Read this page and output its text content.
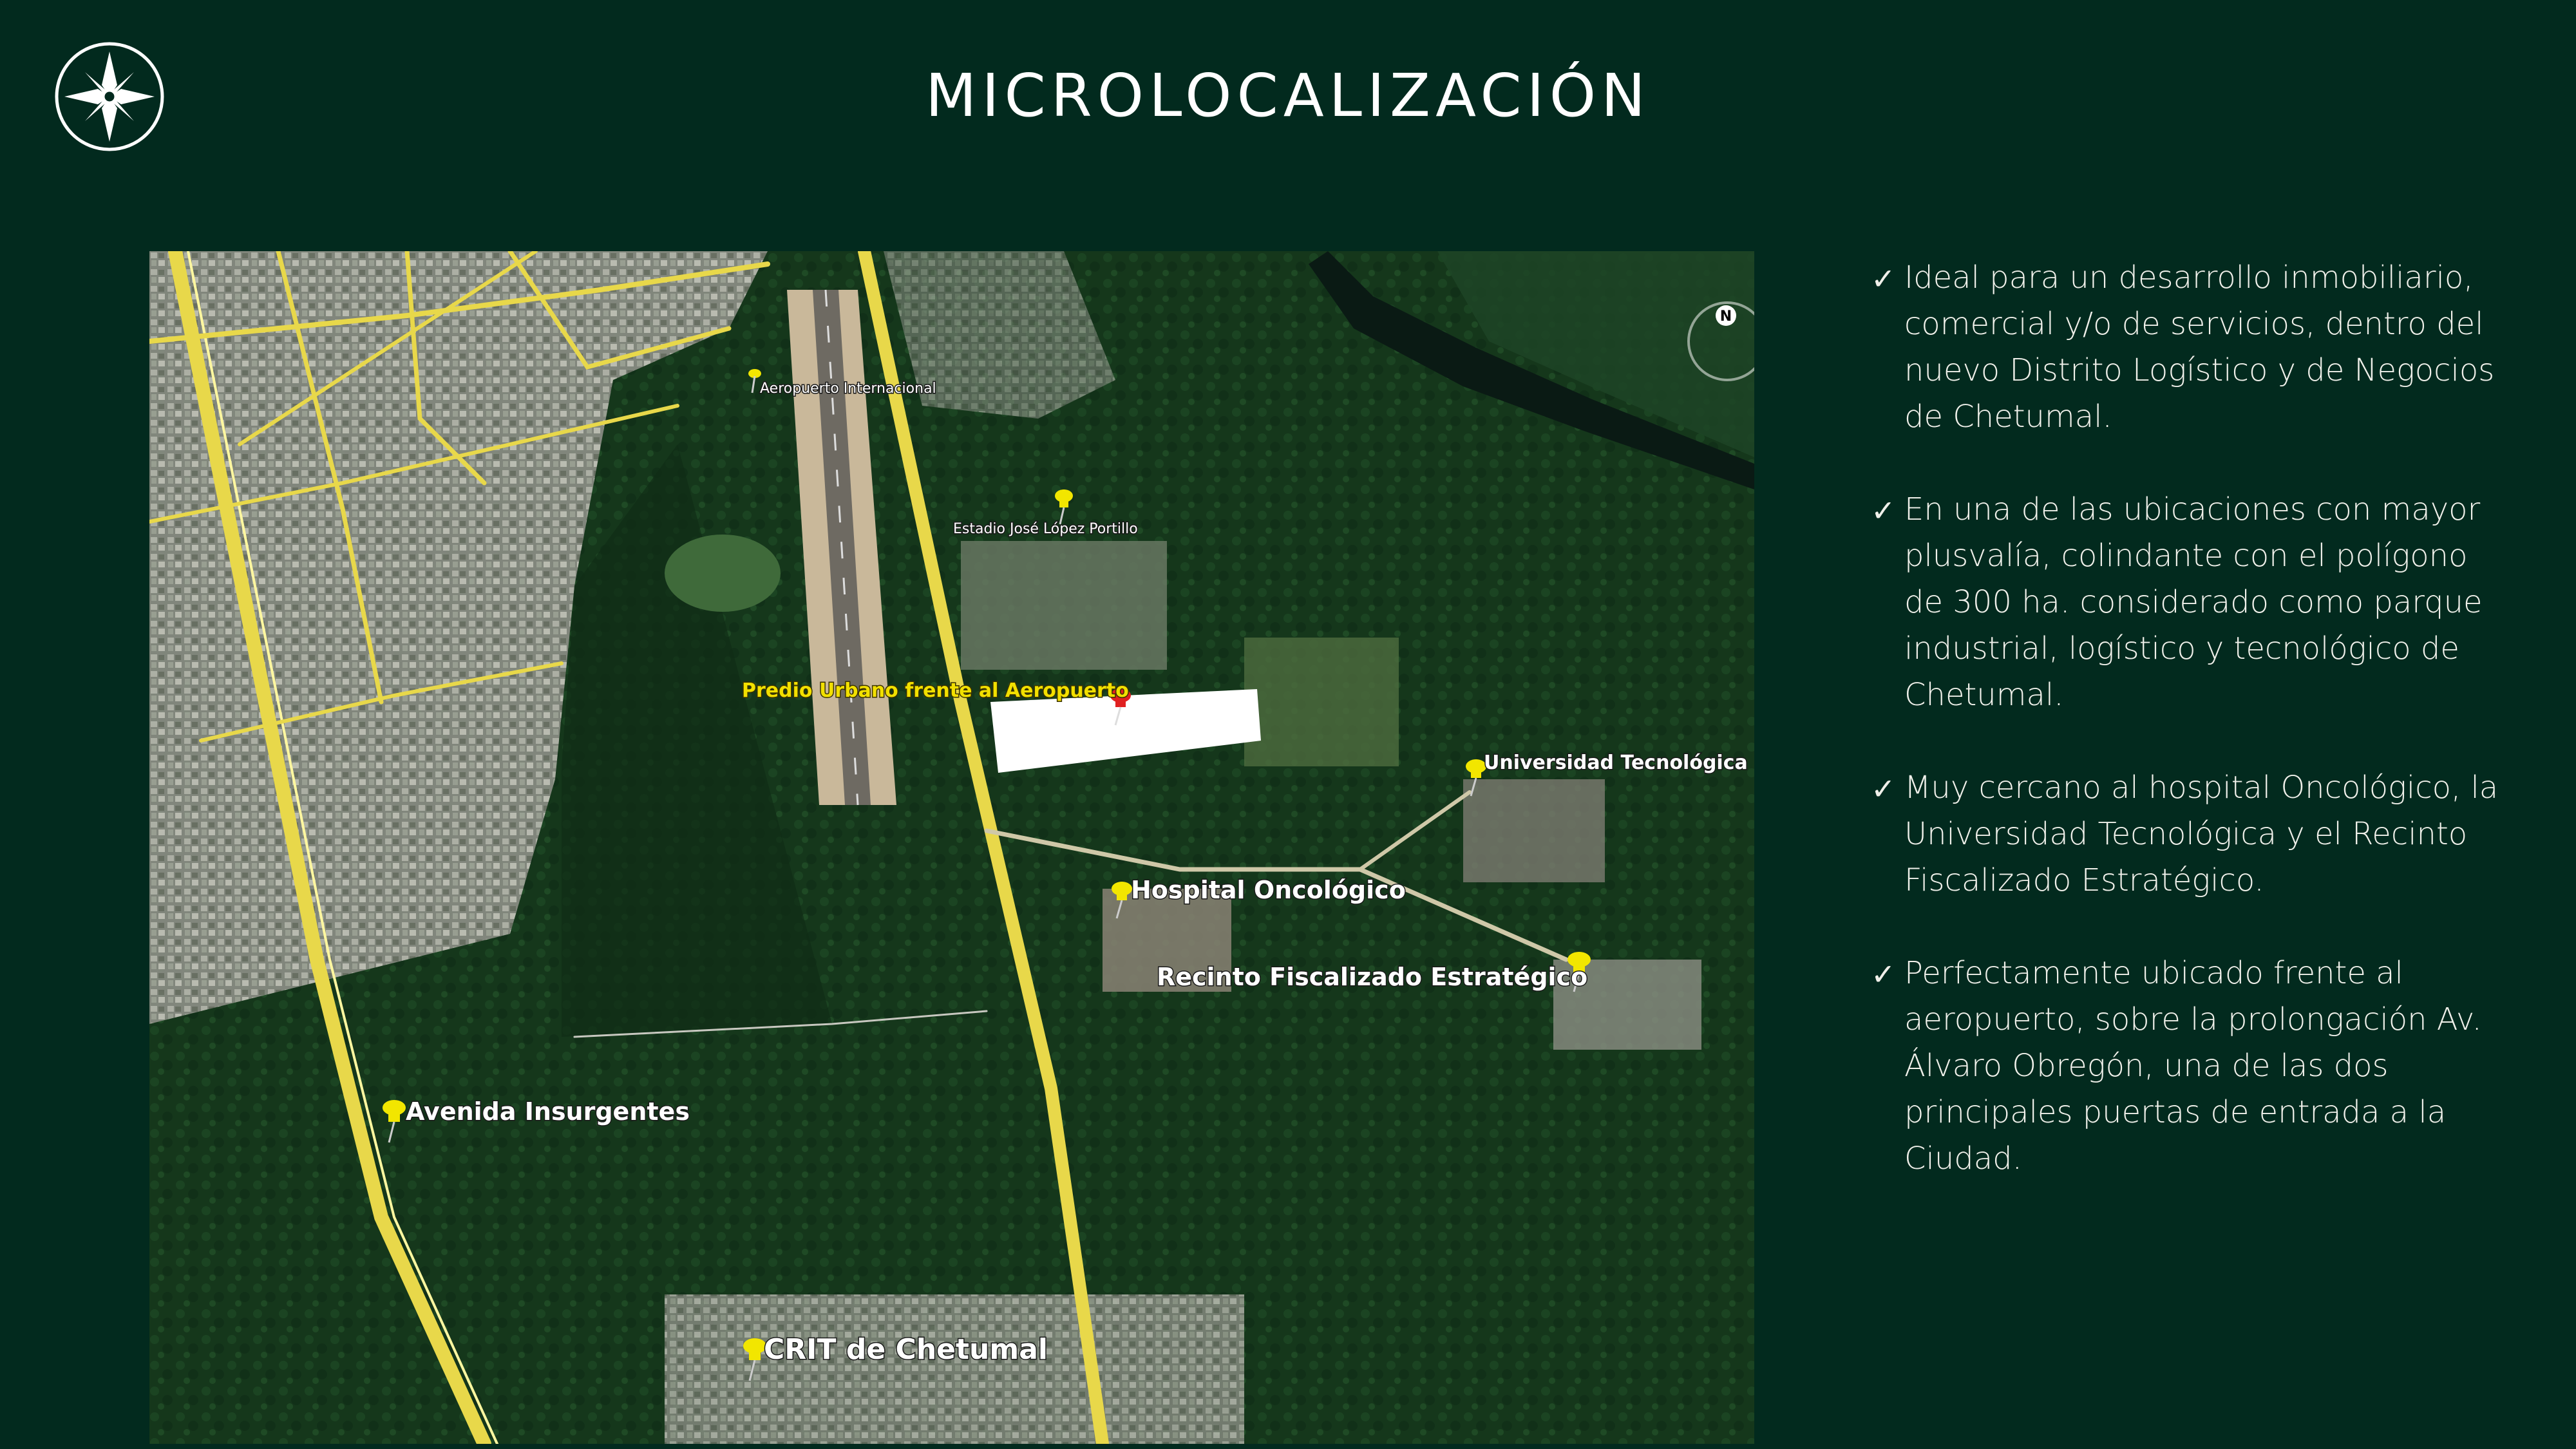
MICROLOCALIZACIÓN
N
Aeropuerto Internacional
Estadio José López Portillo
Predio Urbano frente al Aeropuerto
Universidad Tecnológica
Hospital Oncológico
Recinto Fiscalizado Estratégico
Avenida Insurgentes
CRIT de Chetumal
✓ Ideal para un desarrollo inmobiliario, comercial y/o de servicios, dentro del nuevo Distrito Logístico y de Negocios de Chetumal.
✓ En una de las ubicaciones con mayor plusvalía, colindante con el polígono de 300 ha. considerado como parque industrial, logístico y tecnológico de Chetumal.
✓ Muy cercano al hospital Oncológico, la Universidad Tecnológica y el Recinto Fiscalizado Estratégico.
✓ Perfectamente ubicado frente al aeropuerto, sobre la prolongación Av. Álvaro Obregón, una de las dos principales puertas de entrada a la Ciudad.
